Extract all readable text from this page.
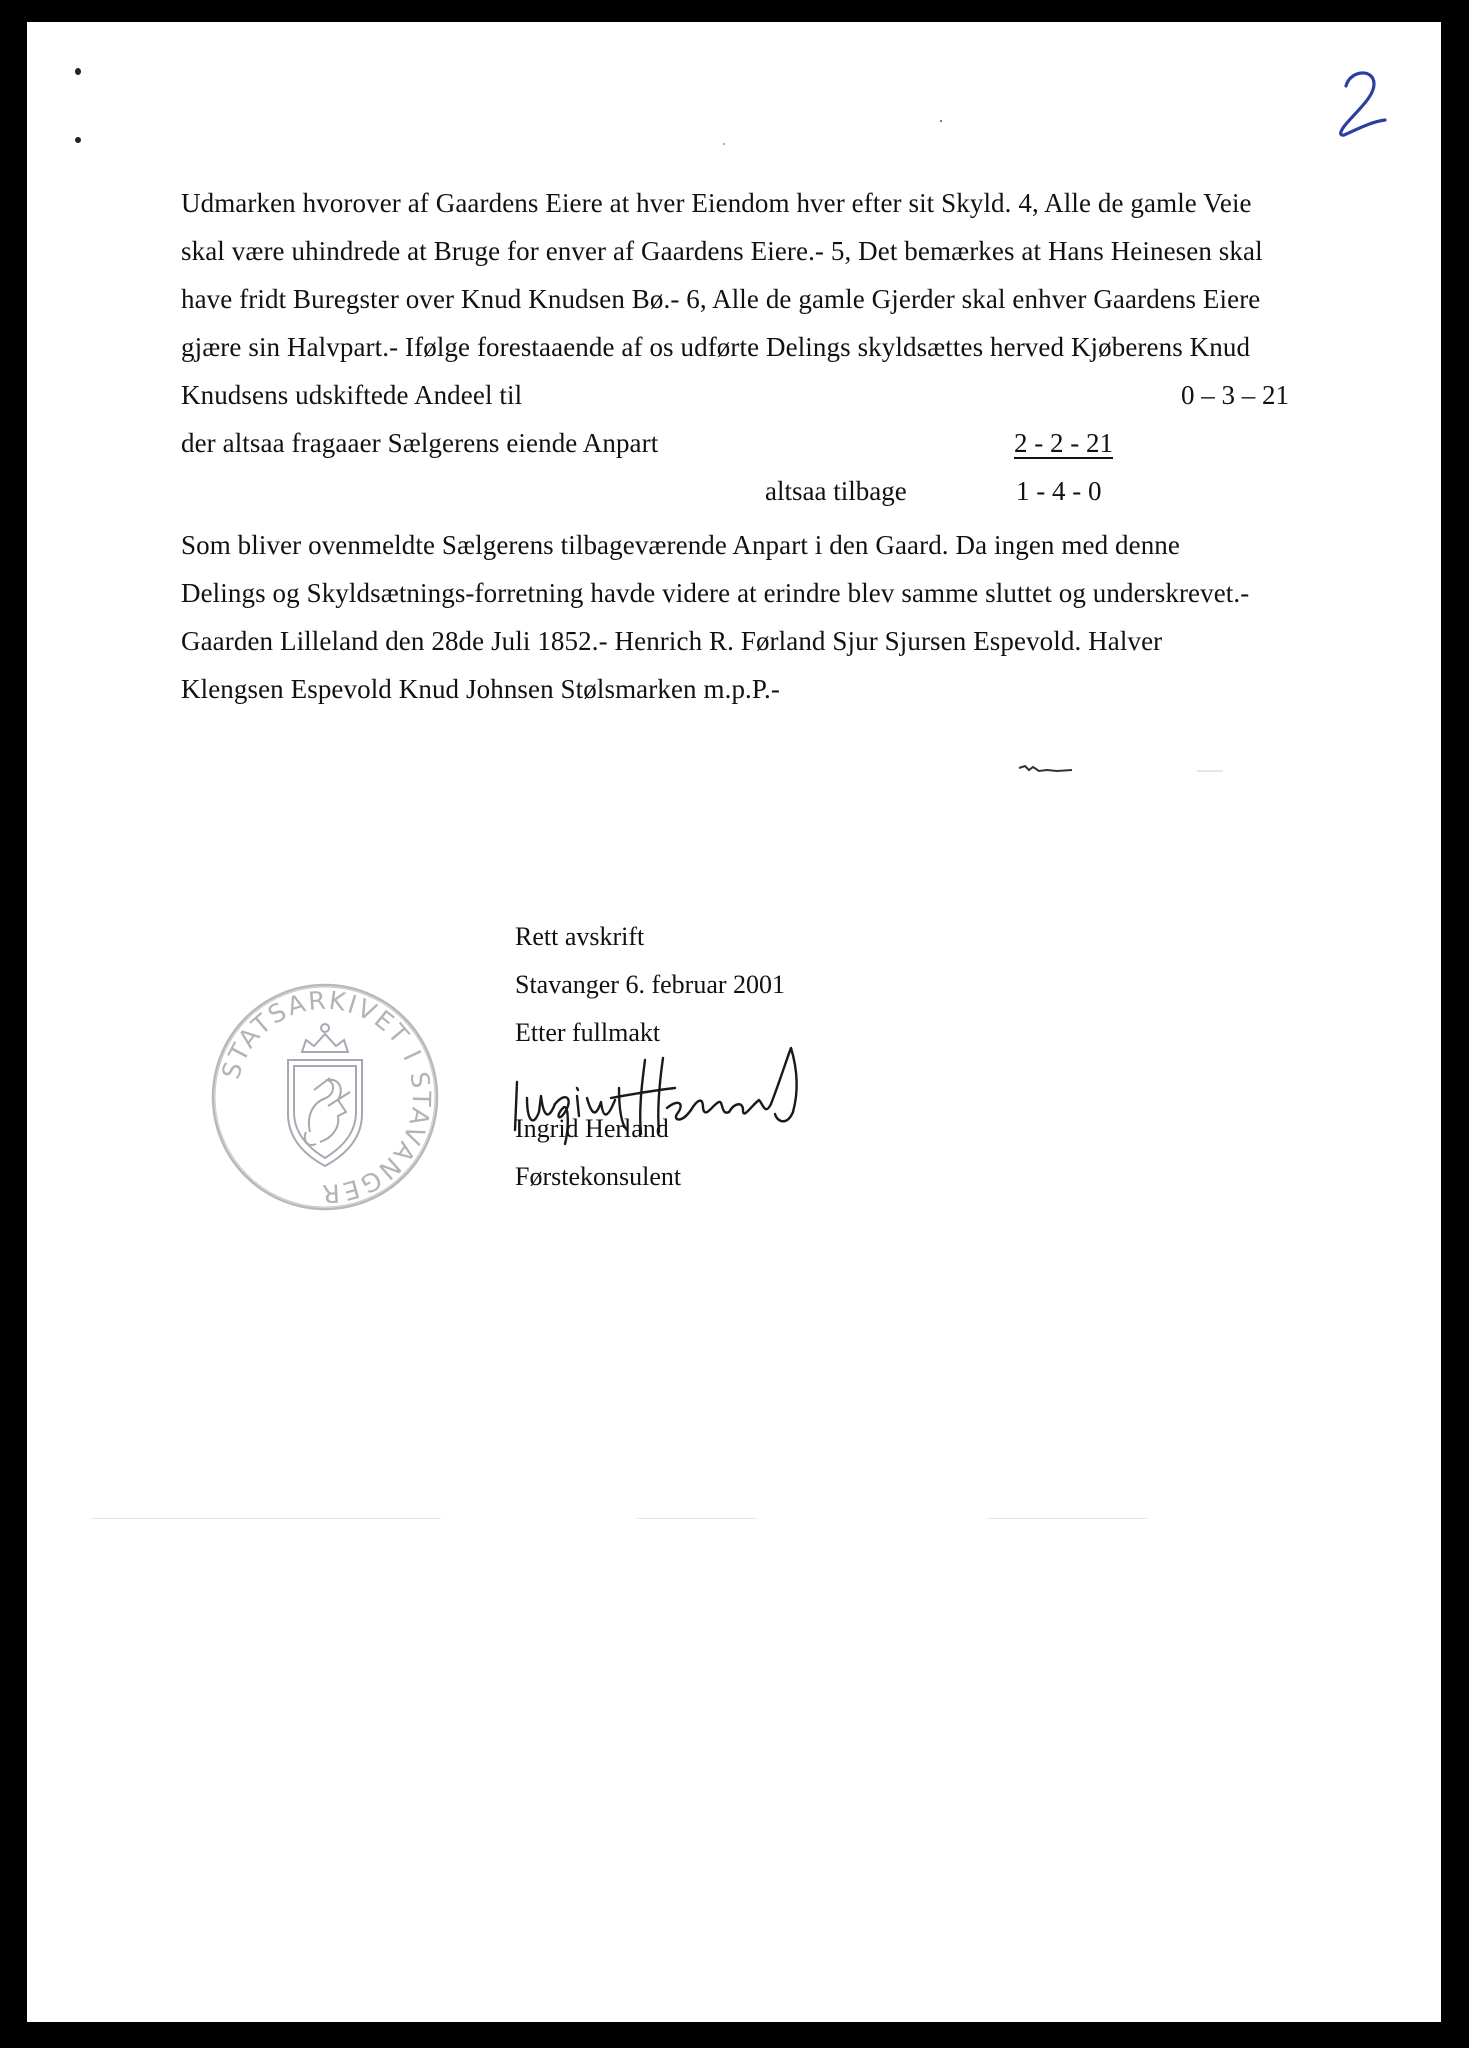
Udmarken hvorover af Gaardens Eiere at hver Eiendom hver efter sit Skyld. 4, Alle de gamle Veie
skal være uhindrede at Bruge for enver af Gaardens Eiere.- 5, Det bemærkes at Hans Heinesen skal
have fridt Buregster over Knud Knudsen Bø.- 6, Alle de gamle Gjerder skal enhver Gaardens Eiere
gjære sin Halvpart.- Ifølge forestaaende af os udførte Delings skyldsættes herved Kjøberens Knud
Knudsens udskiftede Andeel til	0 – 3 – 21
der altsaa fragaaer Sælgerens eiende Anpart	2 - 2 - 21
altsaa tilbage	1 - 4 - 0
Som bliver ovenmeldte Sælgerens tilbageværende Anpart i den Gaard. Da ingen med denne
Delings og Skyldsætnings-forretning havde videre at erindre blev samme sluttet og underskrevet.-
Gaarden Lilleland den 28de Juli 1852.- Henrich R. Førland Sjur Sjursen Espevold. Halver
Klengsen Espevold Knud Johnsen Stølsmarken m.p.P.-
Rett avskrift
Stavanger 6. februar 2001
Etter fullmakt
Ingrid Herland
Førstekonsulent
STATSARKIVET I STAVANGER
